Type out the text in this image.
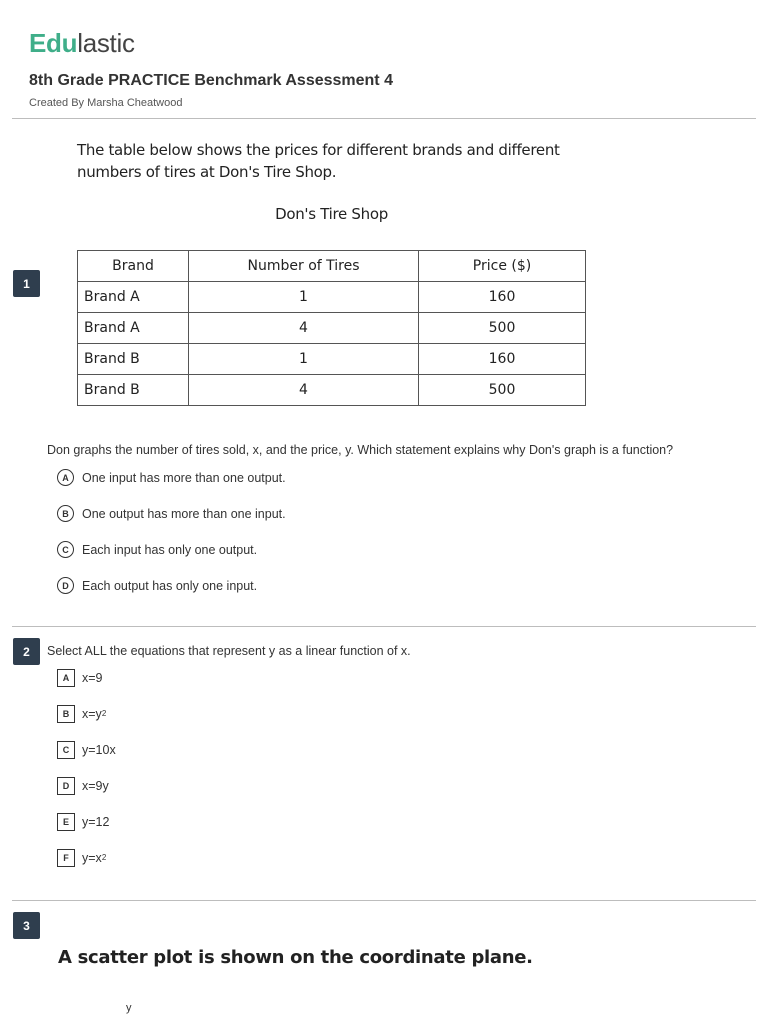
Edulastic
8th Grade PRACTICE Benchmark Assessment 4
Created By Marsha Cheatwood
1
The table below shows the prices for different brands and different numbers of tires at Don's Tire Shop.
Don's Tire Shop
Brand	Number of Tires	Price ($)
Brand A	1	160
Brand A	4	500
Brand B	1	160
Brand B	4	500
Don graphs the number of tires sold, x, and the price, y. Which statement explains why Don's graph is a function?
A	One input has more than one output.
B	One output has more than one input.
C	Each input has only one output.
D	Each output has only one input.
2	Select ALL the equations that represent y as a linear function of x.
A	x=9
B	x=y 2
C	y=10x
D	x=9y
E	y=12
F	y=x 2
3
A scatter plot is shown on the coordinate plane.
y
